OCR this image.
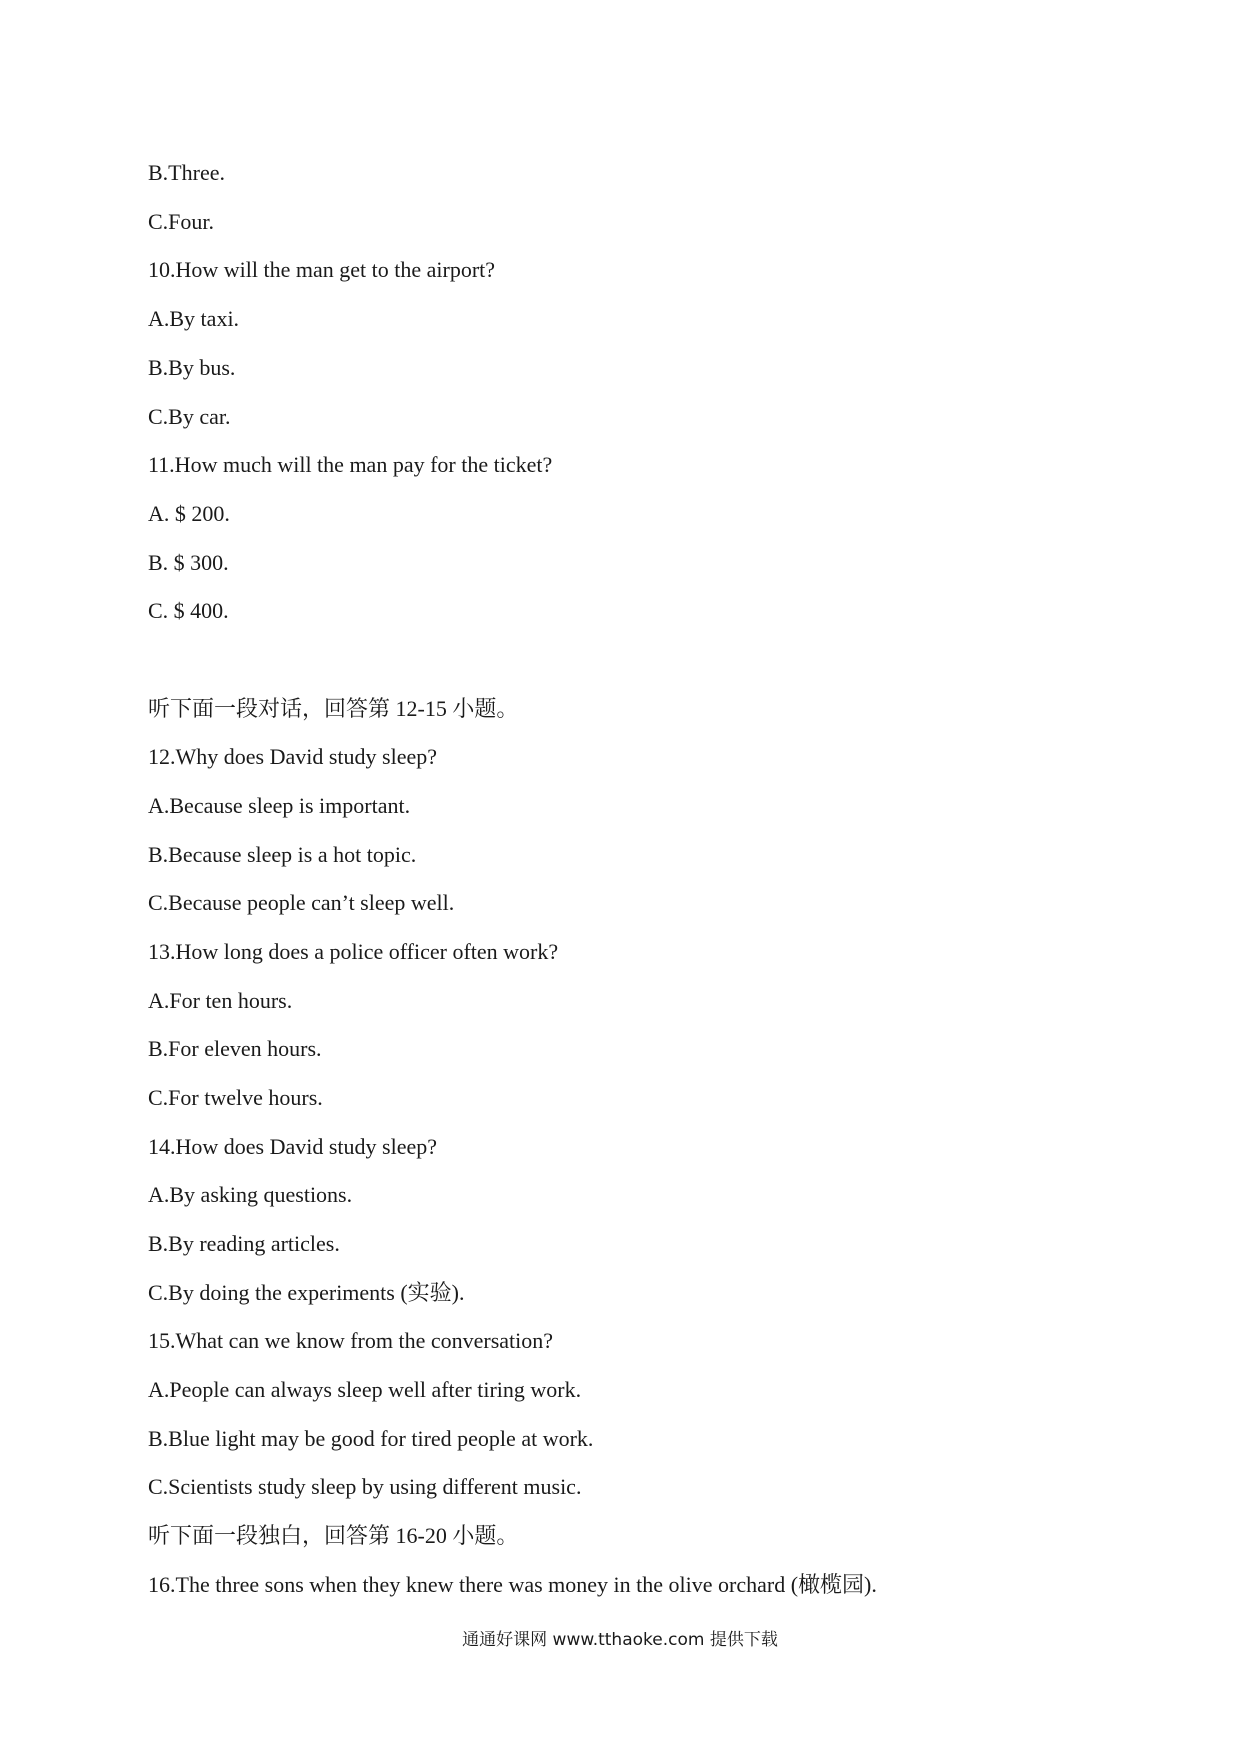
B.Three.
C.Four.
10.How will the man get to the airport?
A.By taxi.
B.By bus.
C.By car.
11.How much will the man pay for the ticket?
A. $ 200.
B. $ 300.
C. $ 400.
听下面一段对话，回答第 12-15 小题。
12.Why does David study sleep?
A.Because sleep is important.
B.Because sleep is a hot topic.
C.Because people can’t sleep well.
13.How long does a police officer often work?
A.For ten hours.
B.For eleven hours.
C.For twelve hours.
14.How does David study sleep?
A.By asking questions.
B.By reading articles.
C.By doing the experiments (实验).
15.What can we know from the conversation?
A.People can always sleep well after tiring work.
B.Blue light may be good for tired people at work.
C.Scientists study sleep by using different music.
听下面一段独白，回答第 16-20 小题。
16.The three sons when they knew there was money in the olive orchard (橄榄园).
通通好课网 www.tthaoke.com 提供下载
